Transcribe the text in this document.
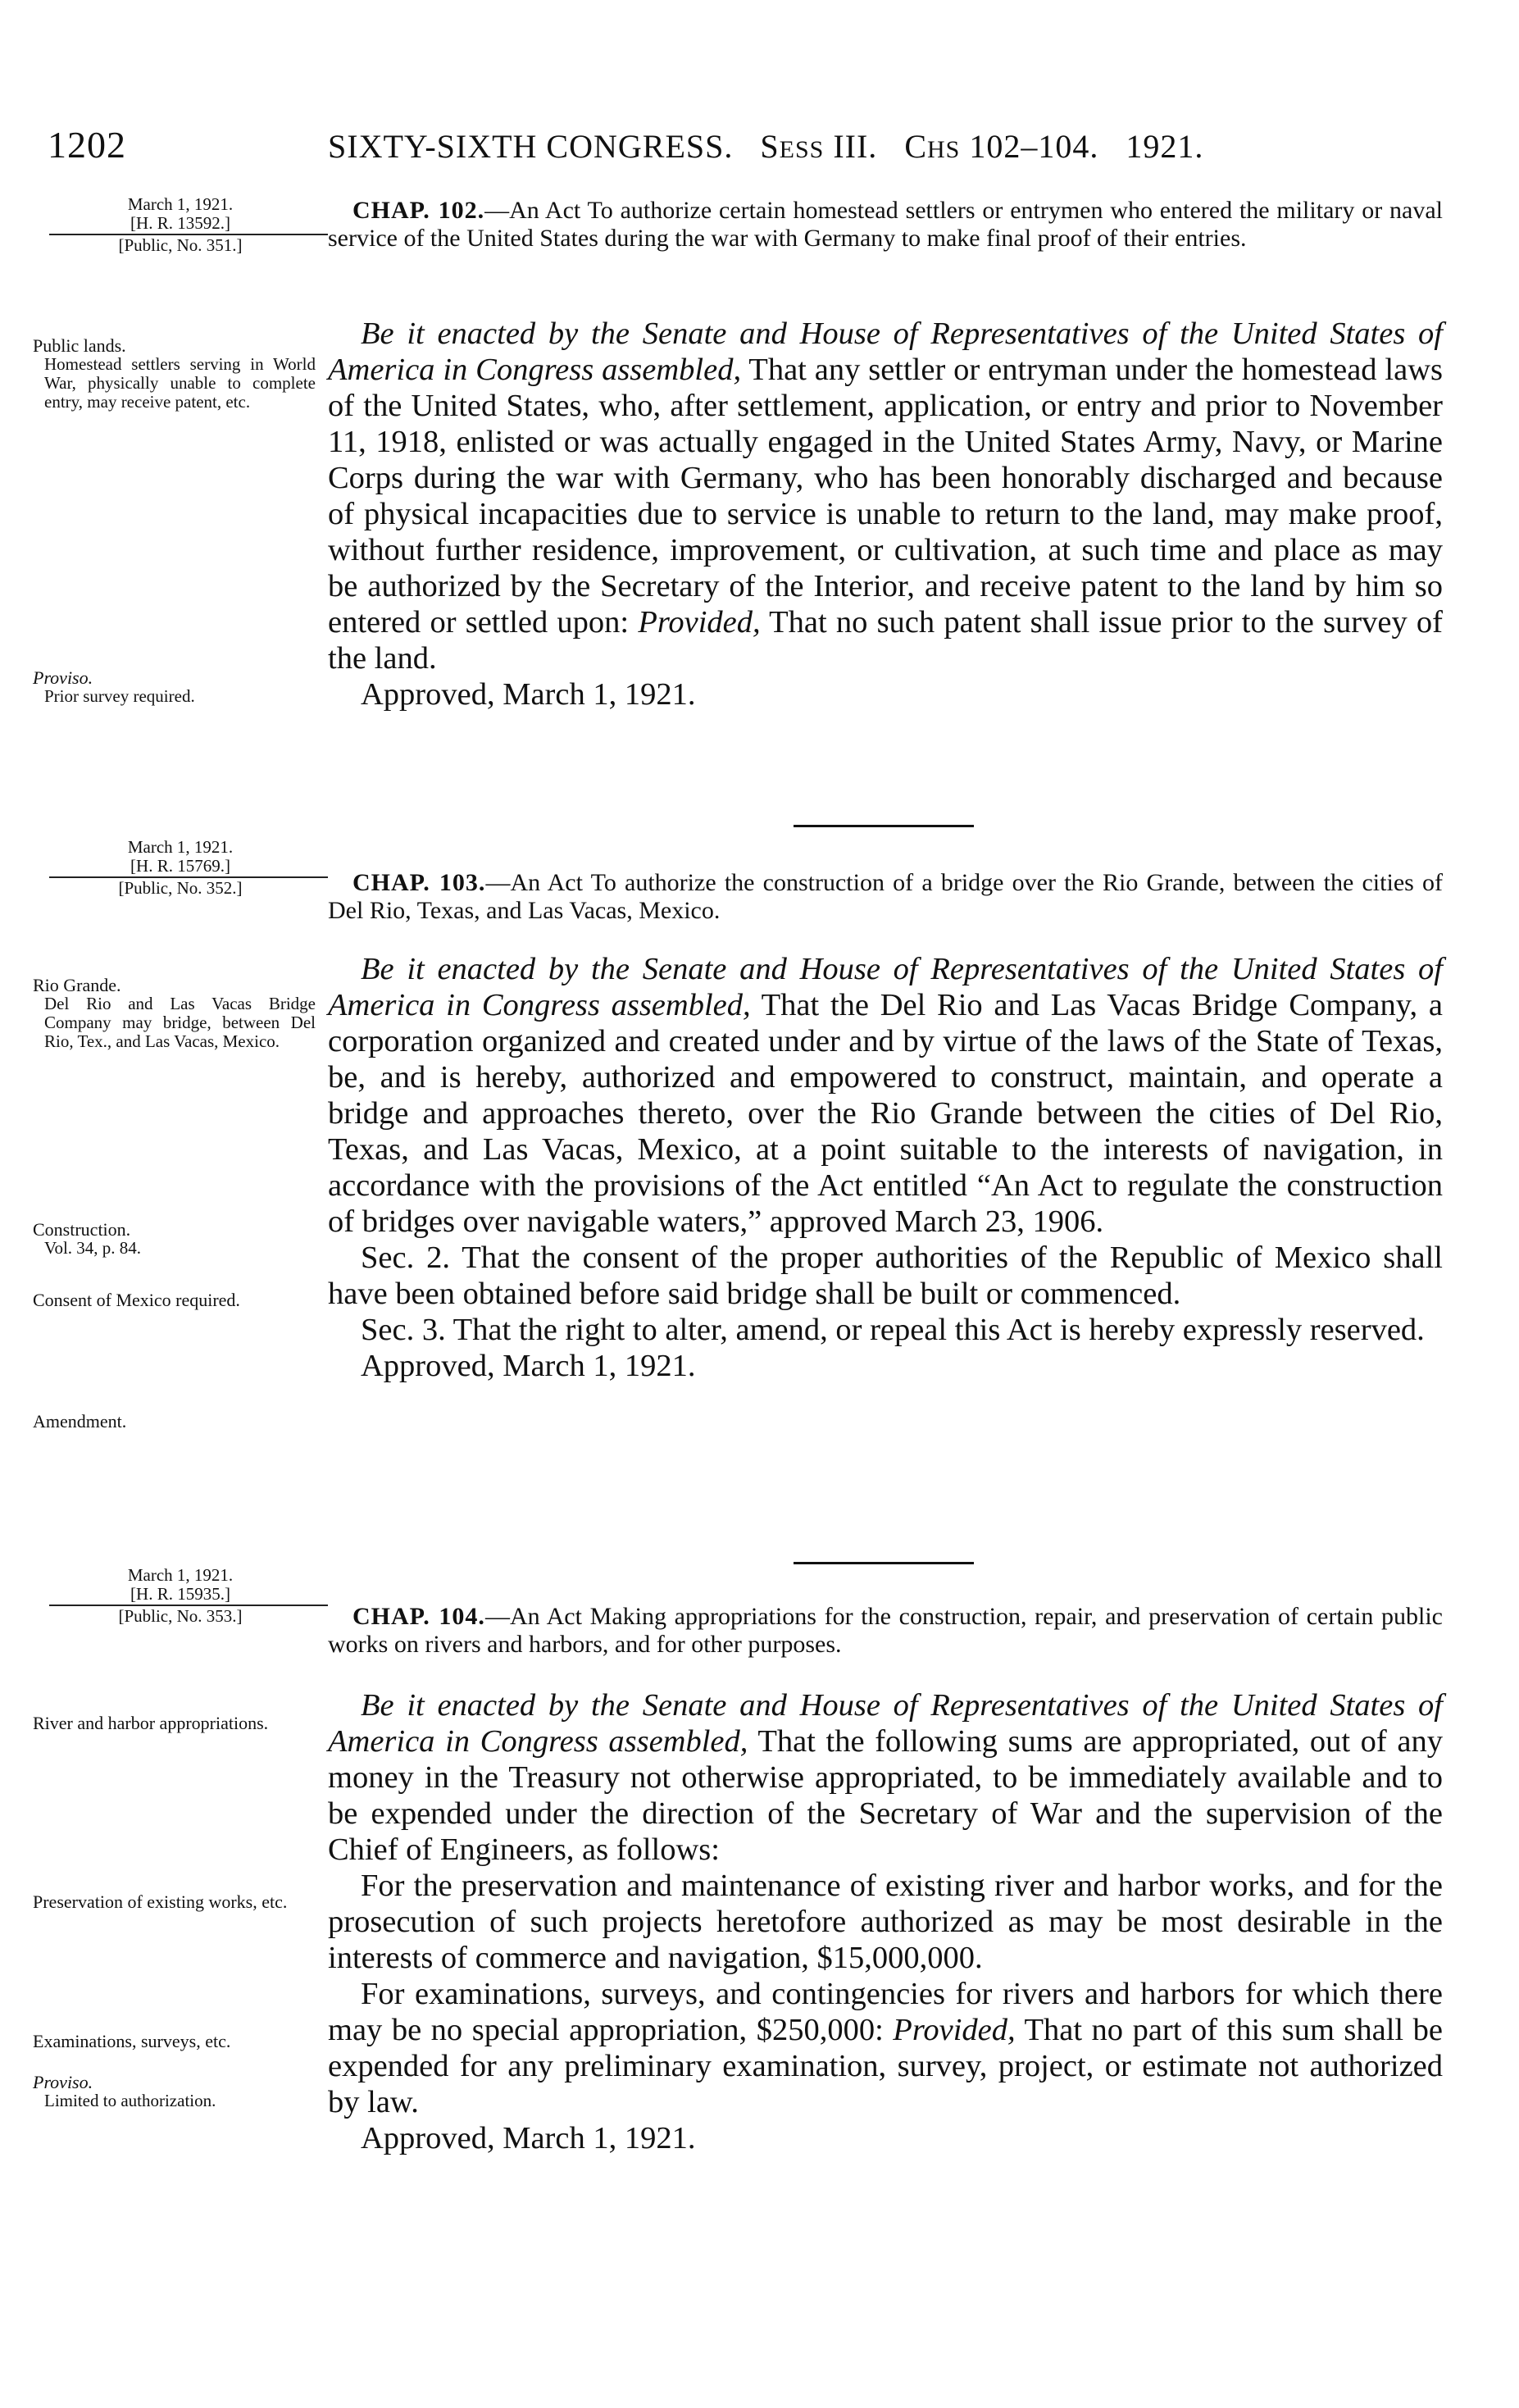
1202	SIXTY-SIXTH CONGRESS. SESS III. CHS 102–104. 1921.
March 1, 1921.
[H. R. 13592.]
[Public, No. 351.]
CHAP. 102.—An Act To authorize certain homestead settlers or entrymen who entered the military or naval service of the United States during the war with Germany to make final proof of their entries.
Public lands.
Homestead settlers serving in World War, physically unable to complete entry, may receive patent, etc.
Proviso.
Prior survey required.

Be it enacted by the Senate and House of Representatives of the United States of America in Congress assembled, That any settler or entryman under the homestead laws of the United States, who, after settlement, application, or entry and prior to November 11, 1918, enlisted or was actually engaged in the United States Army, Navy, or Marine Corps during the war with Germany, who has been honorably discharged and because of physical incapacities due to service is unable to return to the land, may make proof, without further residence, improvement, or cultivation, at such time and place as may be authorized by the Secretary of the Interior, and receive patent to the land by him so entered or settled upon: Provided, That no such patent shall issue prior to the survey of the land.

Approved, March 1, 1921.

March 1, 1921.
[H. R. 15769.]
[Public, No. 352.]	CHAP. 103.—An Act To authorize the construction of a bridge over the Rio Grande, between the cities of Del Rio, Texas, and Las Vacas, Mexico.
Rio Grande.
Del Rio and Las Vacas Bridge Company may bridge, between Del Rio, Tex., and Las Vacas, Mexico.
Construction.
Vol. 34, p. 84.
Consent of Mexico required.
Amendment.

Be it enacted by the Senate and House of Representatives of the United States of America in Congress assembled, That the Del Rio and Las Vacas Bridge Company, a corporation organized and created under and by virtue of the laws of the State of Texas, be, and is hereby, authorized and empowered to construct, maintain, and operate a bridge and approaches thereto, over the Rio Grande between the cities of Del Rio, Texas, and Las Vacas, Mexico, at a point suitable to the interests of navigation, in accordance with the provisions of the Act entitled “An Act to regulate the construction of bridges over navigable waters,” approved March 23, 1906.

Sec. 2. That the consent of the proper authorities of the Republic of Mexico shall have been obtained before said bridge shall be built or commenced.

Sec. 3. That the right to alter, amend, or repeal this Act is hereby expressly reserved.

Approved, March 1, 1921.

March 1, 1921.
[H. R. 15935.]
[Public, No. 353.]	CHAP. 104.—An Act Making appropriations for the construction, repair, and preservation of certain public works on rivers and harbors, and for other purposes.
River and harbor appropriations.
Preservation of existing works, etc.
Examinations, surveys, etc.
Proviso.
Limited to authorization.

Be it enacted by the Senate and House of Representatives of the United States of America in Congress assembled, That the following sums are appropriated, out of any money in the Treasury not otherwise appropriated, to be immediately available and to be expended under the direction of the Secretary of War and the supervision of the Chief of Engineers, as follows:

For the preservation and maintenance of existing river and harbor works, and for the prosecution of such projects heretofore authorized as may be most desirable in the interests of commerce and navigation, $15,000,000.

For examinations, surveys, and contingencies for rivers and harbors for which there may be no special appropriation, $250,000: Provided, That no part of this sum shall be expended for any preliminary examination, survey, project, or estimate not authorized by law.

Approved, March 1, 1921.
